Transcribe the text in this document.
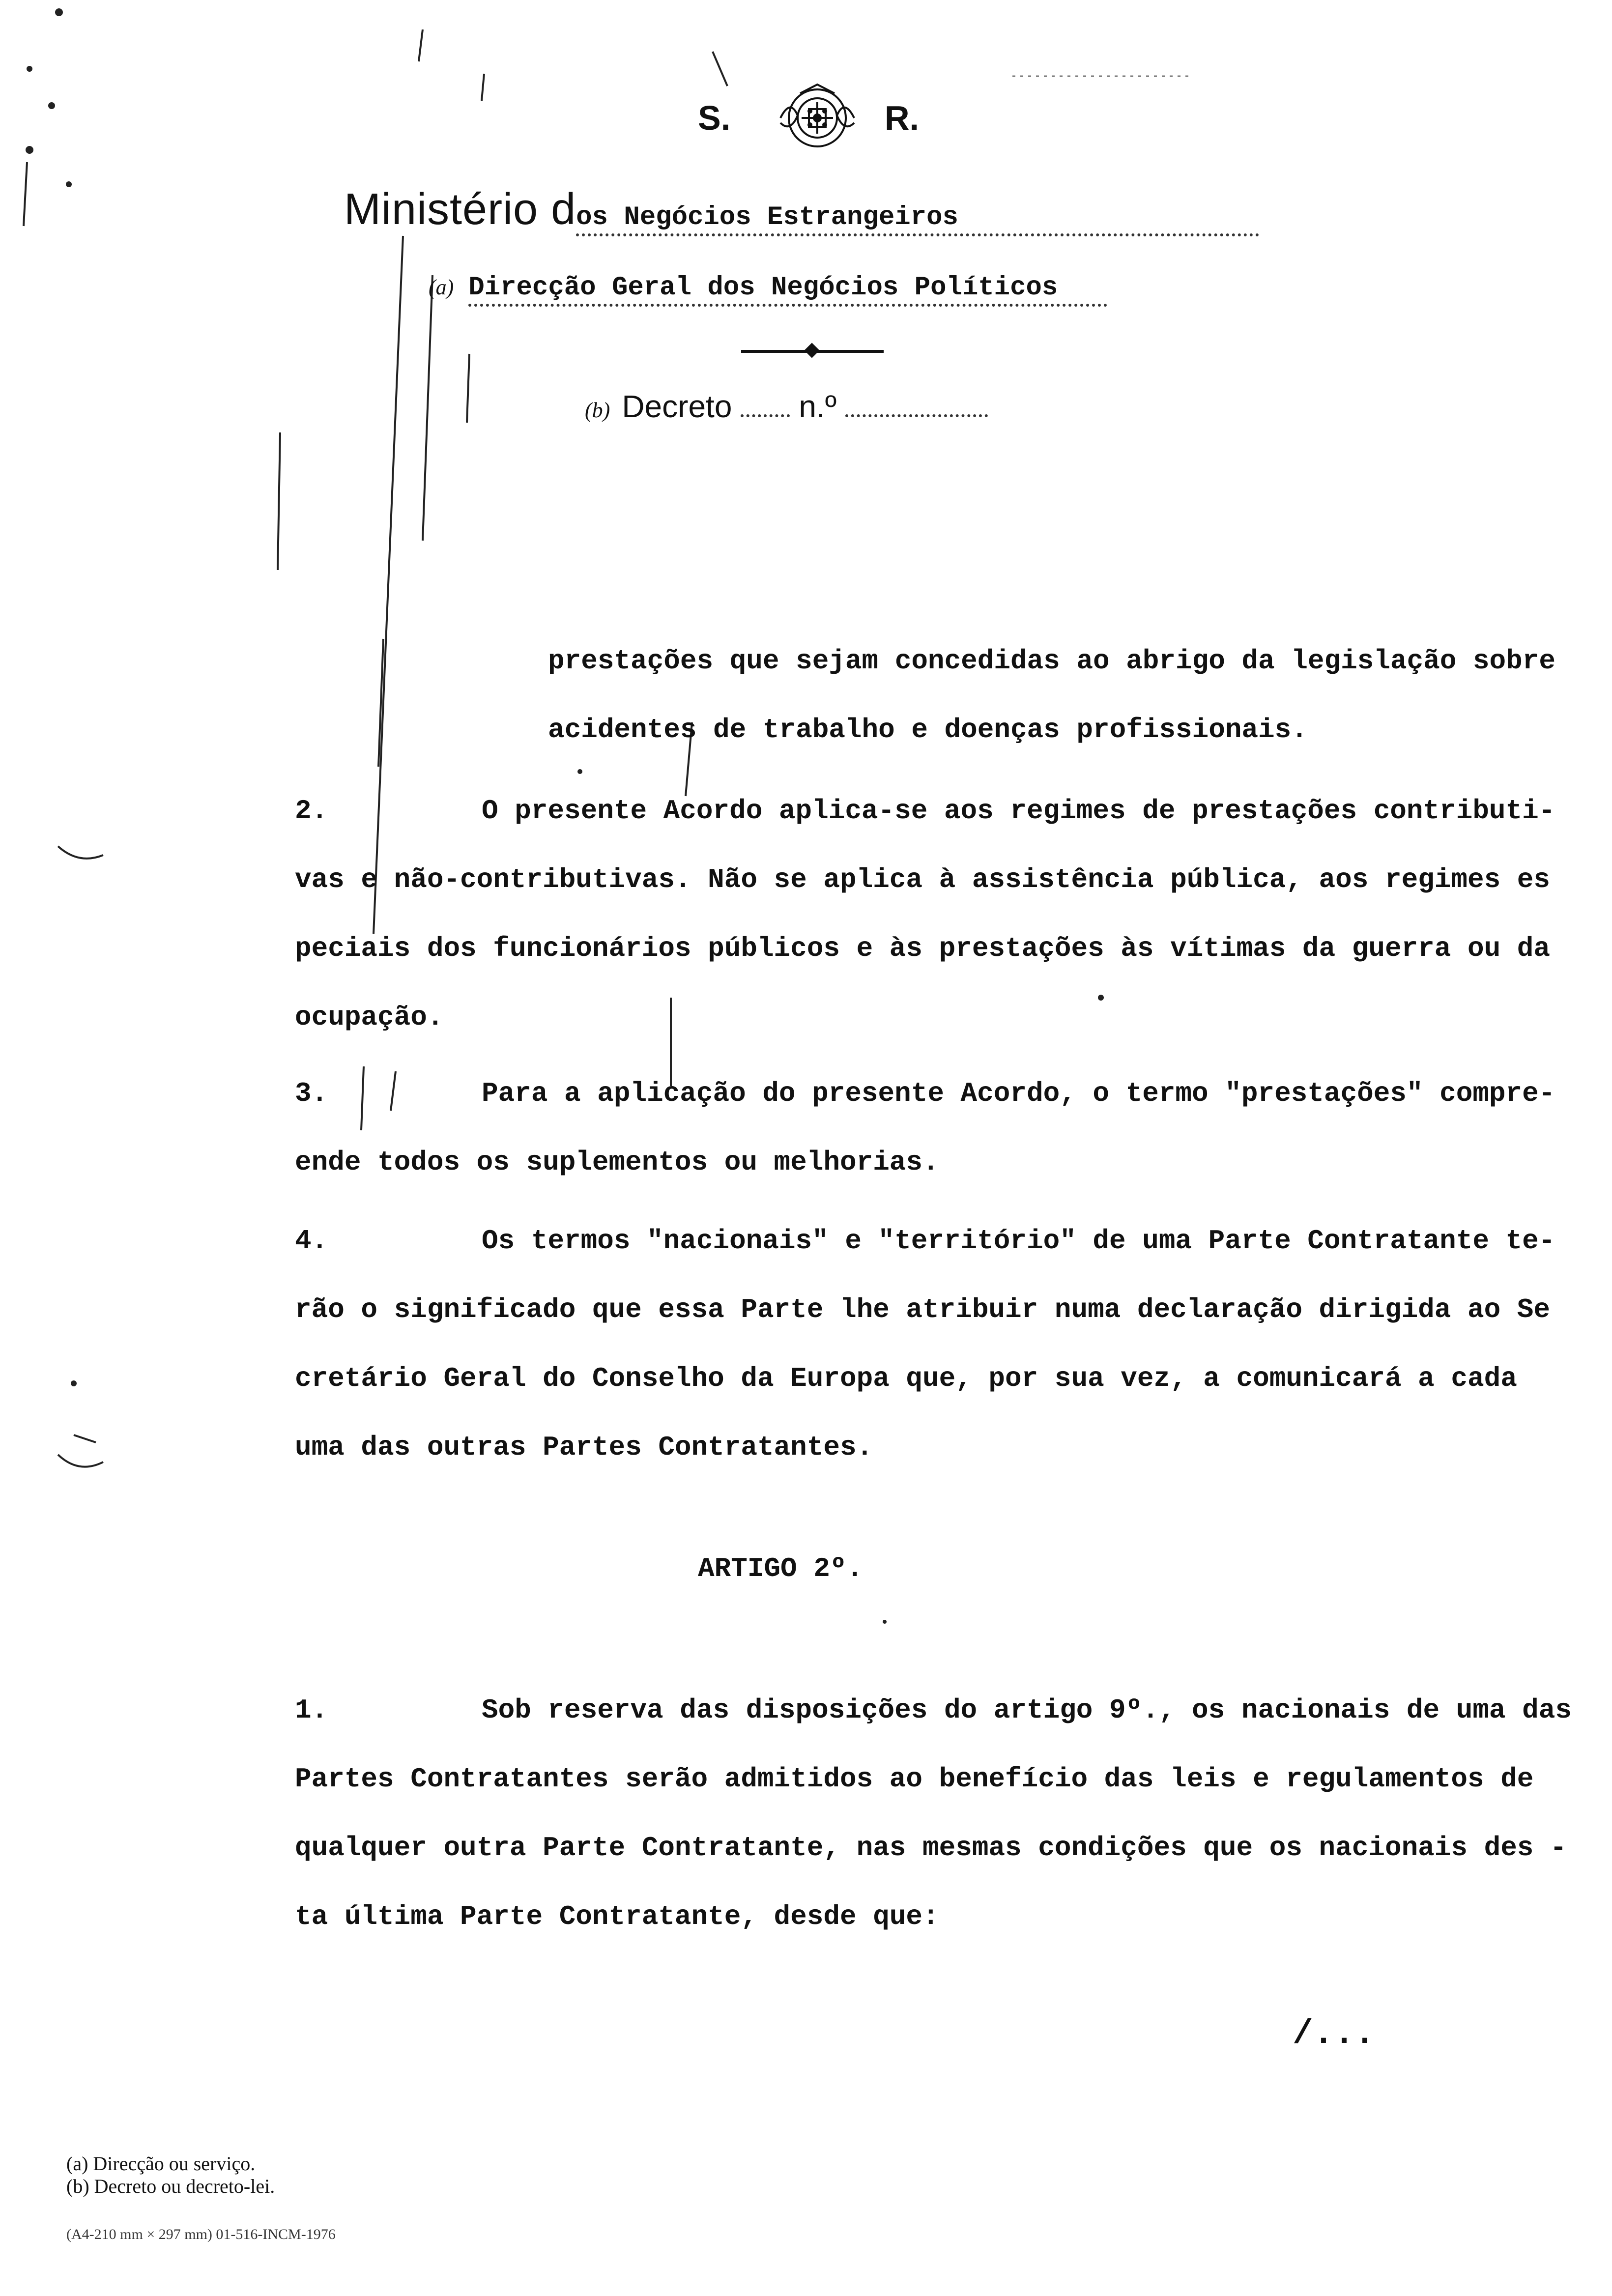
S.	R.
Ministério d os Negócios Estrangeiros
(a) Direcção Geral dos Negócios Políticos
(b) Decreto n.º
prestações que sejam concedidas ao abrigo da legislação sobre
acidentes de trabalho e doenças profissionais.
2.	O presente Acordo aplica-se aos regimes de prestações contributi-
vas e não-contributivas. Não se aplica à assistência pública, aos regimes es
peciais dos funcionários públicos e às prestações às vítimas da guerra ou da
ocupação.
3.	Para a aplicação do presente Acordo, o termo "prestações" compre-
ende todos os suplementos ou melhorias.
4.	Os termos "nacionais" e "território" de uma Parte Contratante te-
rão o significado que essa Parte lhe atribuir numa declaração dirigida ao Se
cretário Geral do Conselho da Europa que, por sua vez, a comunicará a cada
uma das outras Partes Contratantes.
ARTIGO 2º.
1.	Sob reserva das disposições do artigo 9º., os nacionais de uma das
Partes Contratantes serão admitidos ao benefício das leis e regulamentos de
qualquer outra Parte Contratante, nas mesmas condições que os nacionais des -
ta última Parte Contratante, desde que:
/...
(a) Direcção ou serviço.
(b) Decreto ou decreto-lei.
(A4-210 mm × 297 mm) 01-516-INCM-1976
